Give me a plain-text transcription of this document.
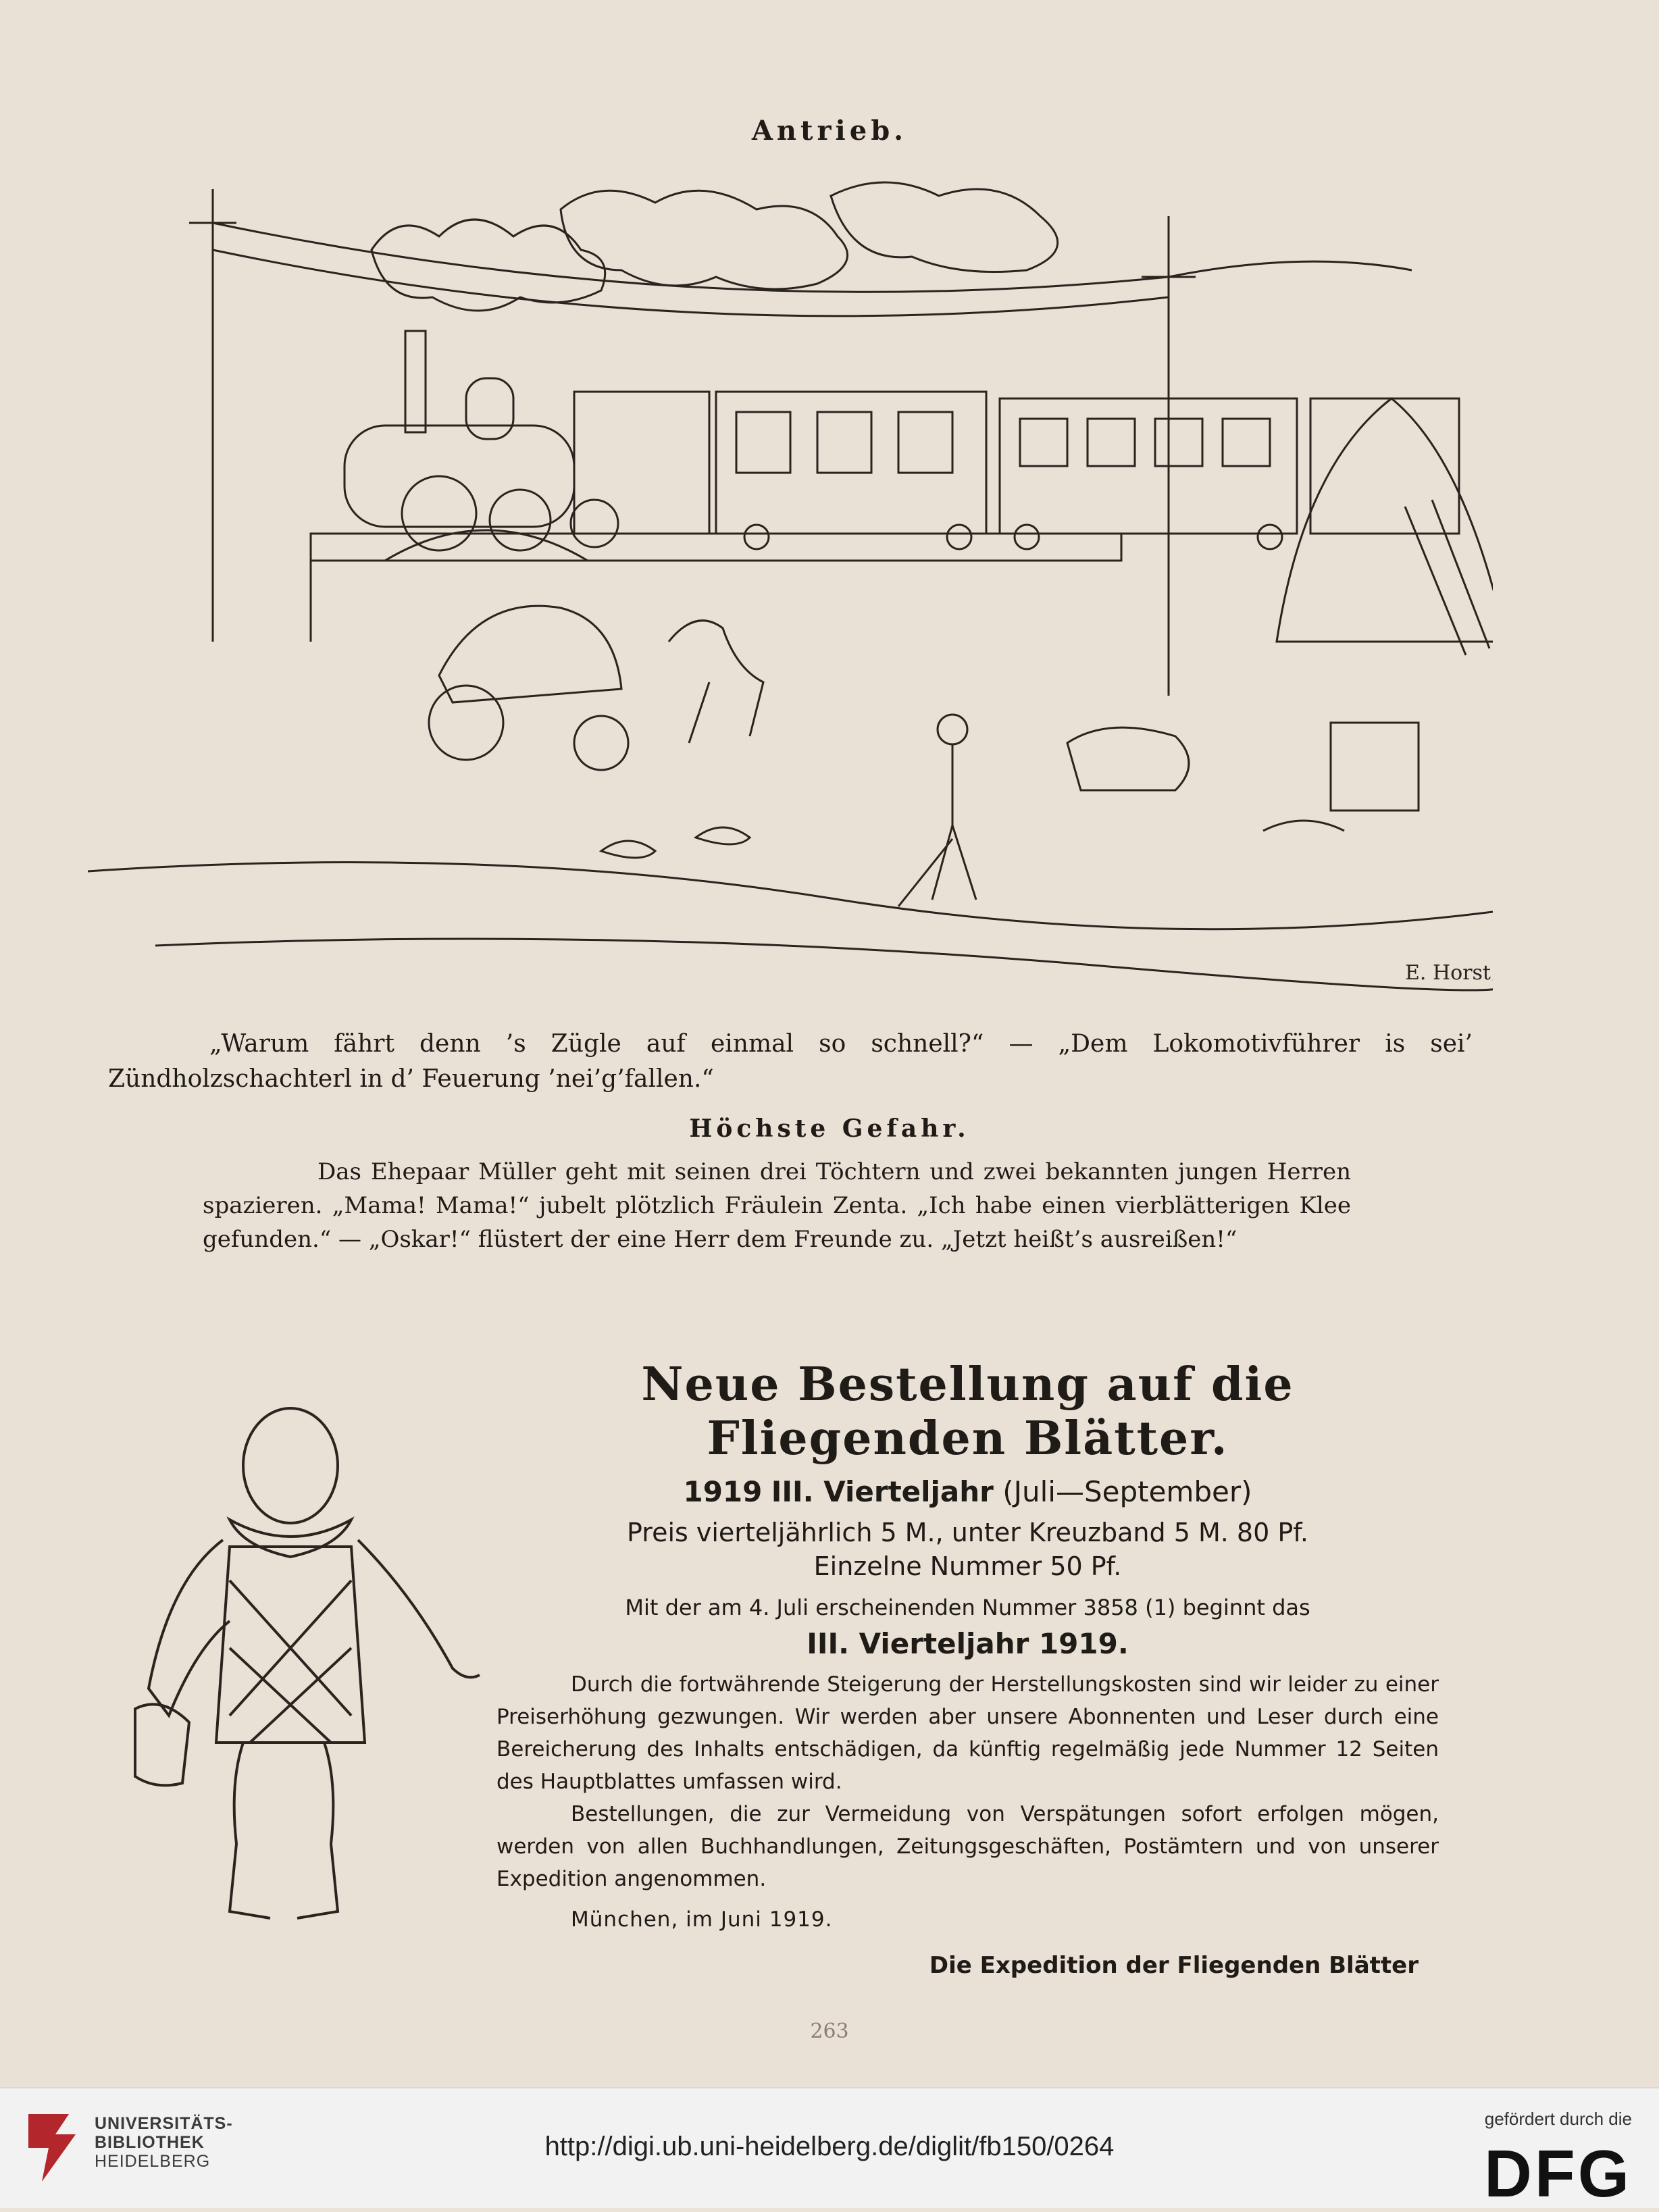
Antrieb.
E. Horst
„Warum fährt denn ’s Zügle auf einmal so schnell?“ — „Dem Lokomotivführer is sei’ Zündholzschachterl in d’ Feuerung ’nei’g’fallen.“
Höchste Gefahr.
Das Ehepaar Müller geht mit seinen drei Töchtern und zwei bekannten jungen Herren spazieren. „Mama! Mama!“ jubelt plötzlich Fräulein Zenta. „Ich habe einen vierblätterigen Klee gefunden.“ — „Oskar!“ flüstert der eine Herr dem Freunde zu. „Jetzt heißt’s ausreißen!“
Neue Bestellung auf die Fliegenden Blätter.
1919 III. Vierteljahr (Juli—September)
Preis vierteljährlich 5 M., unter Kreuzband 5 M. 80 Pf.
Einzelne Nummer 50 Pf.
Mit der am 4. Juli erscheinenden Nummer 3858 (1) beginnt das
III. Vierteljahr 1919.

Durch die fortwährende Steigerung der Herstellungskosten sind wir leider zu einer Preiserhöhung gezwungen. Wir werden aber unsere Abonnenten und Leser durch eine Bereicherung des Inhalts entschädigen, da künftig regelmäßig jede Nummer 12 Seiten des Hauptblattes umfassen wird.

Bestellungen, die zur Vermeidung von Verspätungen sofort erfolgen mögen, werden von allen Buchhandlungen, Zeitungsgeschäften, Postämtern und von unserer Expedition angenommen.

München, im Juni 1919.
Die Expedition der Fliegenden Blätter
263
UNIVERSITÄTS-
BIBLIOTHEK
HEIDELBERG	http://digi.ub.uni-heidelberg.de/diglit/fb150/0264
gefördert durch die
DFG
